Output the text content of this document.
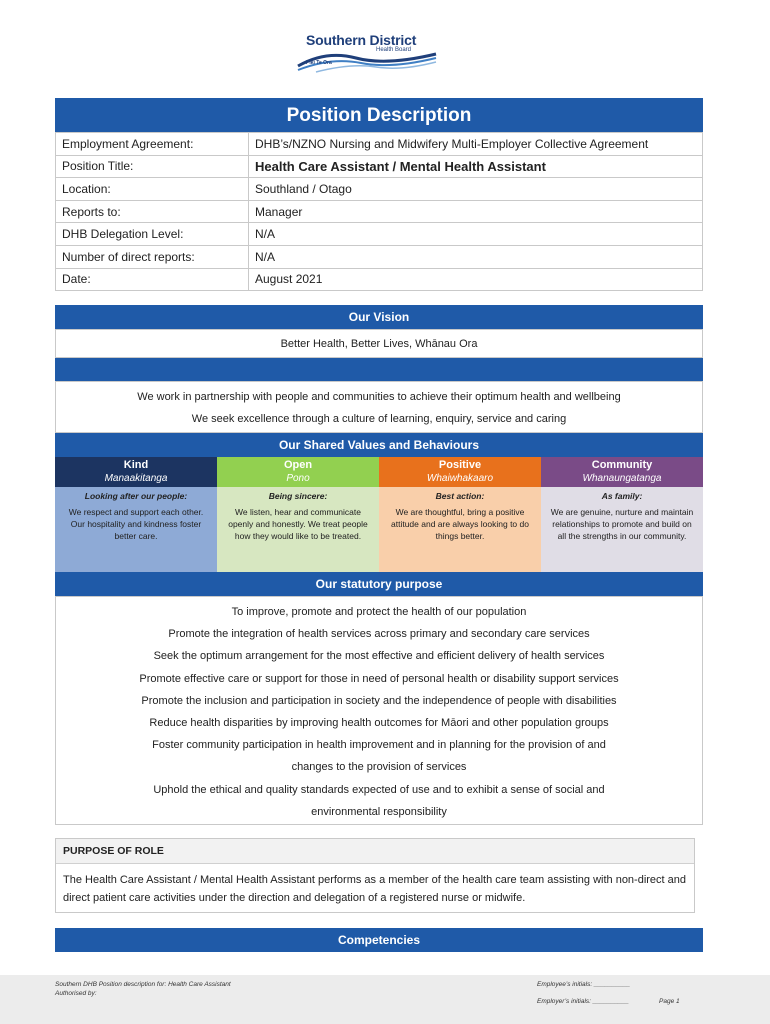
Southern District
Health Board
Piki Te Ora
Position Description
Employment Agreement:	DHB’s/NZNO Nursing and Midwifery Multi-Employer Collective Agreement
Position Title:	Health Care Assistant / Mental Health Assistant
Location:	Southland / Otago
Reports to:	Manager
DHB Delegation Level:	N/A
Number of direct reports:	N/A
Date:	August 2021
Our Vision
Better Health, Better Lives, Whānau Ora

We work in partnership with people and communities to achieve their optimum health and wellbeing

We seek excellence through a culture of learning, enquiry, service and caring

Our Shared Values and Behaviours
Kind
Manaakitanga
Looking after our people:
We respect and support each other. Our hospitality and kindness foster better care.
Open
Pono
Being sincere:
We listen, hear and communicate openly and honestly. We treat people how they would like to be treated.
Positive
Whaiwhakaaro
Best action:
We are thoughtful, bring a positive attitude and are always looking to do things better.
Community
Whanaungatanga
As family:
We are genuine, nurture and maintain relationships to promote and build on all the strengths in our community.
Our statutory purpose

To improve, promote and protect the health of our population

Promote the integration of health services across primary and secondary care services

Seek the optimum arrangement for the most effective and efficient delivery of health services

Promote effective care or support for those in need of personal health or disability support services

Promote the inclusion and participation in society and the independence of people with disabilities

Reduce health disparities by improving health outcomes for Māori and other population groups

Foster community participation in health improvement and in planning for the provision of and

changes to the provision of services

Uphold the ethical and quality standards expected of use and to exhibit a sense of social and

environmental responsibility

PURPOSE OF ROLE
The Health Care Assistant / Mental Health Assistant performs as a member of the health care team assisting with non-direct and direct patient care activities under the direction and delegation of a registered nurse or midwife.
Competencies
Southern DHB Position description for: Health Care Assistant
Authorised by:
Employee’s initials: __________
Employer’s initials: __________	Page 1
